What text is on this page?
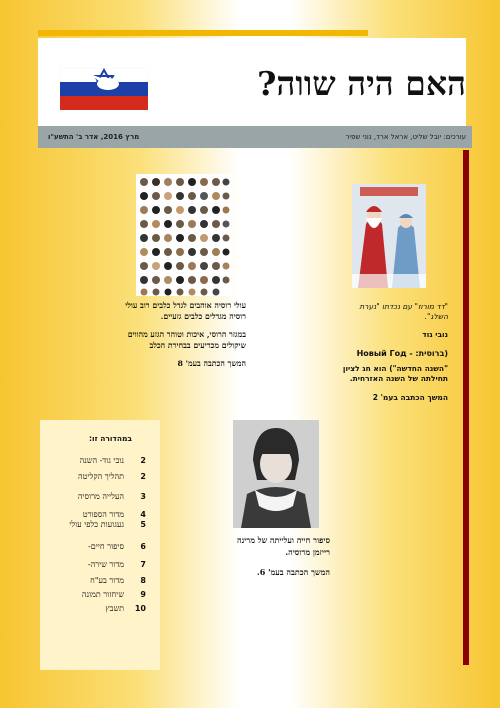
האם היה שווה?
עורכים: יובל שליט, אראל ארד, נוני שפיר
מרץ 2016, אדר ב' התשע"ו

עולי רוסיה אוהבים לגדל כלבים רוב עולי רוסיה מגדלים כלבים גזעיים.

במגזר הרוסי, איכות וטוהר הגזע מהווים שיקולים מכריעים בבחירת הכלב

המשך הכתבה בעמ' 8

"דד מורוז" עם נכדתו "נערת השלג".
נובי גוד
(ברוסית: - Новый Год
"השנה החדשה") הוא חג לציון תחילתה של השנה האזרחית.
המשך הכתבה בעמ' 2

סיפור חייה ועלייתה של מרינה רייזמן מרוסיה.

המשך הכתבה בעמ' 6.

במהדורה זו:
2
נובי גוד- השנה
2
תהליך הקליטה
3
העלייה מרוסיה
4
מדור הספורט
5
געגועות כלפי עולי
6
סיפור חיים-
7
מדור שירה-
8
מדור בע"ח
9
שיחזור תמונה
10
תשבץ
